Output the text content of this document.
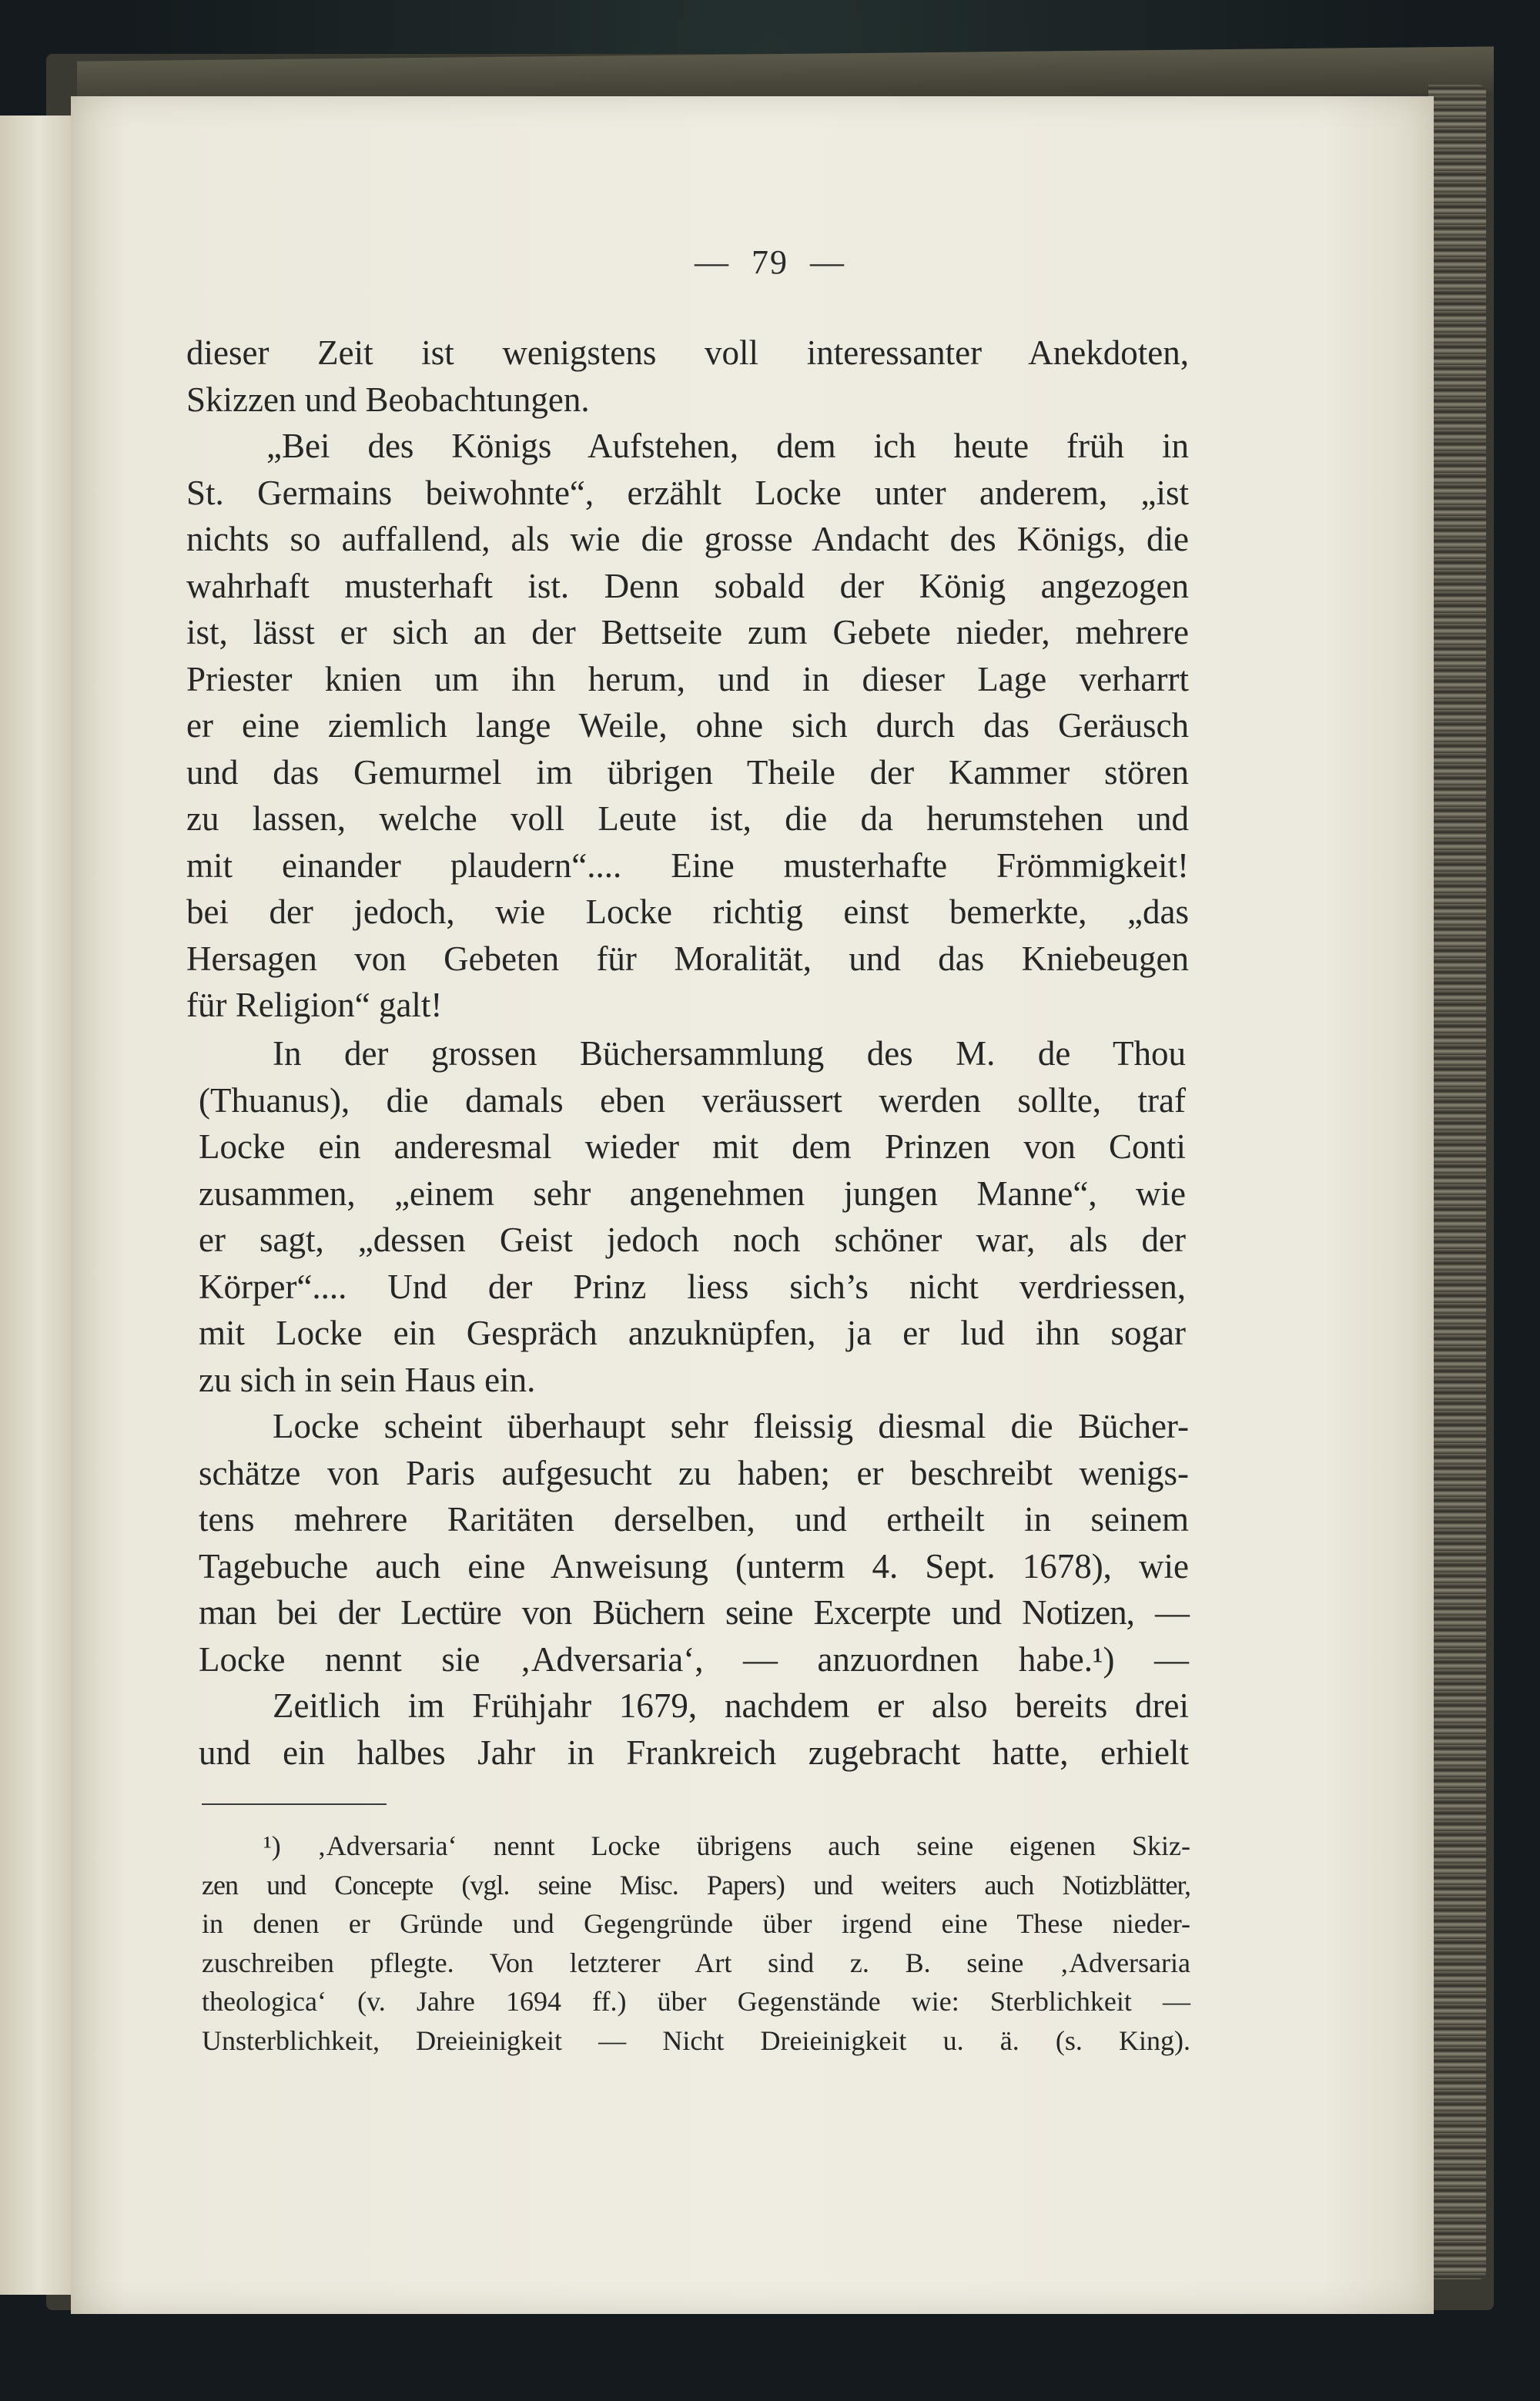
— 79 —
dieser Zeit ist wenigstens voll interessanter Anekdoten,
Skizzen und Beobachtungen.
„Bei des Königs Aufstehen, dem ich heute früh in
St. Germains beiwohnte“, erzählt Locke unter anderem, „ist
nichts so auffallend, als wie die grosse Andacht des Königs, die
wahrhaft musterhaft ist. Denn sobald der König angezogen
ist, lässt er sich an der Bettseite zum Gebete nieder, mehrere
Priester knien um ihn herum, und in dieser Lage verharrt
er eine ziemlich lange Weile, ohne sich durch das Geräusch
und das Gemurmel im übrigen Theile der Kammer stören
zu lassen, welche voll Leute ist, die da herumstehen und
mit einander plaudern“.... Eine musterhafte Frömmigkeit!
bei der jedoch, wie Locke richtig einst bemerkte, „das
Hersagen von Gebeten für Moralität, und das Kniebeugen
für Religion“ galt!
In der grossen Büchersammlung des M. de Thou
(Thuanus), die damals eben veräussert werden sollte, traf
Locke ein anderesmal wieder mit dem Prinzen von Conti
zusammen, „einem sehr angenehmen jungen Manne“, wie
er sagt, „dessen Geist jedoch noch schöner war, als der
Körper“.... Und der Prinz liess sich’s nicht verdriessen,
mit Locke ein Gespräch anzuknüpfen, ja er lud ihn sogar
zu sich in sein Haus ein.
Locke scheint überhaupt sehr fleissig diesmal die Bücher-
schätze von Paris aufgesucht zu haben; er beschreibt wenigs-
tens mehrere Raritäten derselben, und ertheilt in seinem
Tagebuche auch eine Anweisung (unterm 4. Sept. 1678), wie
man bei der Lectüre von Büchern seine Excerpte und Notizen, —
Locke nennt sie ‚Adversaria‘, — anzuordnen habe.¹) —
Zeitlich im Frühjahr 1679, nachdem er also bereits drei
und ein halbes Jahr in Frankreich zugebracht hatte, erhielt
¹) ‚Adversaria‘ nennt Locke übrigens auch seine eigenen Skiz-
zen und Concepte (vgl. seine Misc. Papers) und weiters auch Notizblätter,
in denen er Gründe und Gegengründe über irgend eine These nieder-
zuschreiben pflegte. Von letzterer Art sind z. B. seine ‚Adversaria
theologica‘ (v. Jahre 1694 ff.) über Gegenstände wie: Sterblichkeit —
Unsterblichkeit, Dreieinigkeit — Nicht Dreieinigkeit u. ä. (s. King).
